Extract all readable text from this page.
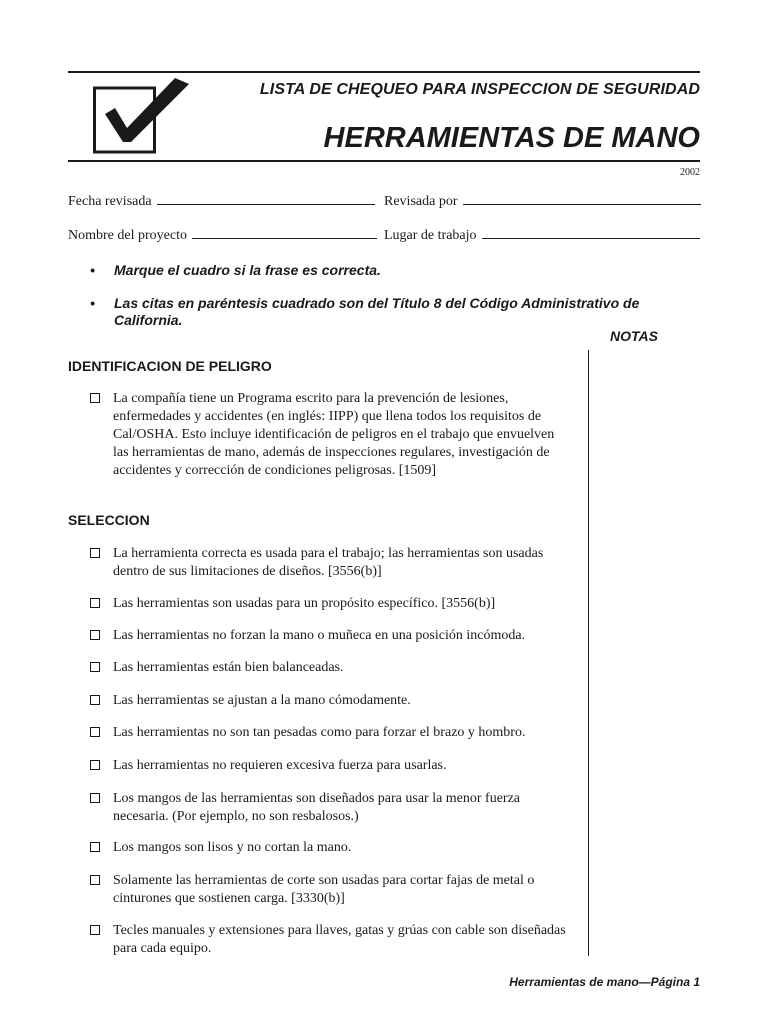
LISTA DE CHEQUEO PARA INSPECCION DE SEGURIDAD
HERRAMIENTAS DE MANO
2002
Fecha revisada	Revisada por
Nombre del proyecto	Lugar de trabajo
• Marque el cuadro si la frase es correcta.
• Las citas en paréntesis cuadrado son del Título 8 del Código Administrativo de California.
NOTAS
IDENTIFICACION DE PELIGRO
La compañía tiene un Programa escrito para la prevención de lesiones, enfermedades y accidentes (en inglés: IIPP) que llena todos los requisitos de Cal/OSHA. Esto incluye identificación de peligros en el trabajo que envuelven las herramientas de mano, además de inspecciones regulares, investigación de accidentes y corrección de condiciones peligrosas. [1509]
SELECCION
La herramienta correcta es usada para el trabajo; las herramientas son usadas dentro de sus limitaciones de diseños. [3556(b)]
Las herramientas son usadas para un propósito específico. [3556(b)]
Las herramientas no forzan la mano o muñeca en una posición incómoda.
Las herramientas están bien balanceadas.
Las herramientas se ajustan a la mano cómodamente.
Las herramientas no son tan pesadas como para forzar el brazo y hombro.
Las herramientas no requieren excesiva fuerza para usarlas.
Los mangos de las herramientas son diseñados para usar la menor fuerza necesaria. (Por ejemplo, no son resbalosos.)
Los mangos son lisos y no cortan la mano.
Solamente las herramientas de corte son usadas para cortar fajas de metal o cinturones que sostienen carga. [3330(b)]
Tecles manuales y extensiones para llaves, gatas y grúas con cable son diseñadas para cada equipo.
Herramientas de mano—Página 1
